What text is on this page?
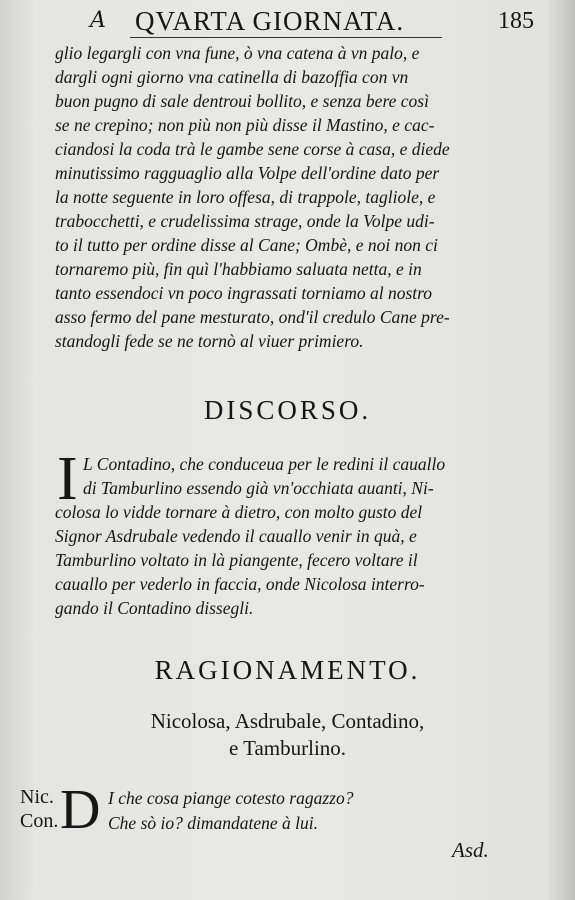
A QVARTA GIORNATA.	185
glio legargli con vna fune, ò vna catena à vn palo, e
dargli ogni giorno vna catinella di bazoffia con vn
buon pugno di sale dentroui bollito, e senza bere così
se ne crepino; non più non più disse il Mastino, e cac-
ciandosi la coda trà le gambe sene corse à casa, e diede
minutissimo ragguaglio alla Volpe dell'ordine dato per
la notte seguente in loro offesa, di trappole, tagliole, e
trabocchetti, e crudelissima strage, onde la Volpe udi-
to il tutto per ordine disse al Cane; Ombè, e noi non ci
tornaremo più, fin quì l'habbiamo saluata netta, e in
tanto essendoci vn poco ingrassati torniamo al nostro
asso fermo del pane mesturato, ond'il credulo Cane pre-
standogli fede se ne tornò al viuer primiero.
DISCORSO.
I L Contadino, che conduceua per le redini il cauallo
di Tamburlino essendo già vn'occhiata auanti, Ni-
colosa lo vidde tornare à dietro, con molto gusto del
Signor Asdrubale vedendo il cauallo venir in quà, e
Tamburlino voltato in là piangente, fecero voltare il
cauallo per vederlo in faccia, onde Nicolosa interro-
gando il Contadino dissegli.
RAGIONAMENTO.
Nicolosa, Asdrubale, Contadino,
e Tamburlino.
Nic.
Con. D I che cosa piange cotesto ragazzo?
Che sò io? dimandatene à lui.
Asd.
